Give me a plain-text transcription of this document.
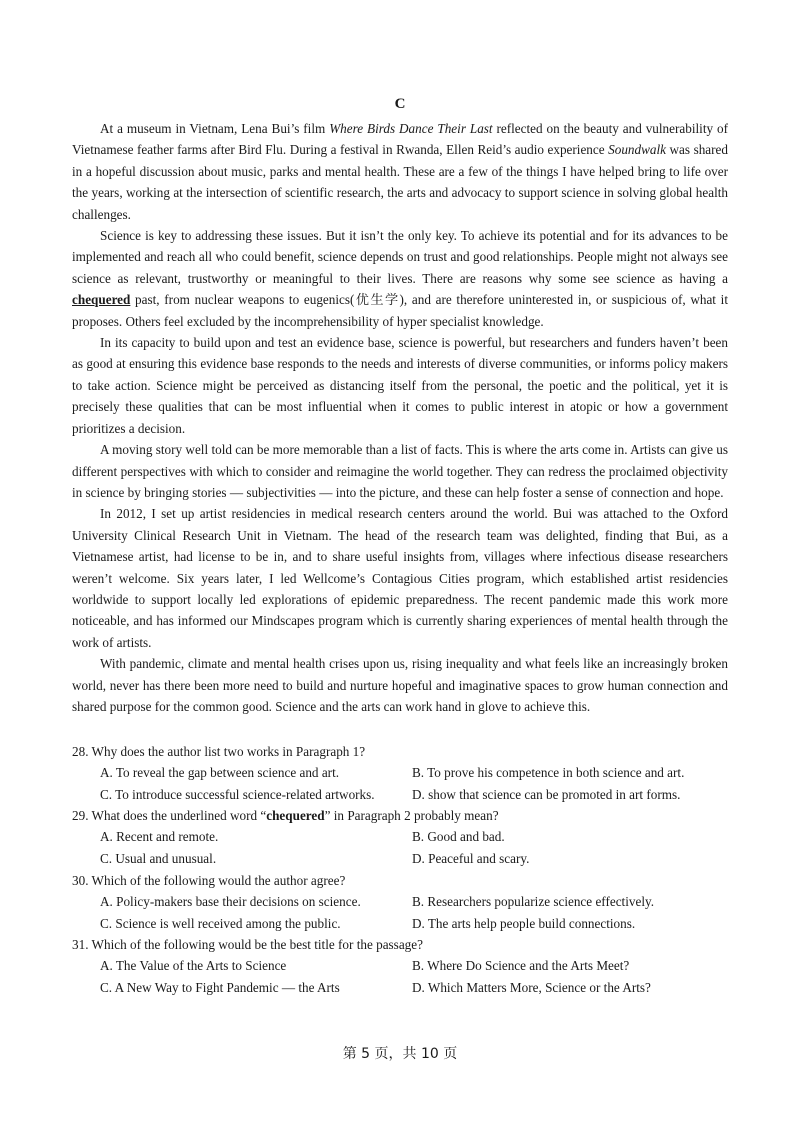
C

At a museum in Vietnam, Lena Bui’s film Where Birds Dance Their Last reflected on the beauty and vulnerability of Vietnamese feather farms after Bird Flu. During a festival in Rwanda, Ellen Reid’s audio experience Soundwalk was shared in a hopeful discussion about music, parks and mental health. These are a few of the things I have helped bring to life over the years, working at the intersection of scientific research, the arts and advocacy to support science in solving global health challenges.

Science is key to addressing these issues. But it isn’t the only key. To achieve its potential and for its advances to be implemented and reach all who could benefit, science depends on trust and good relationships. People might not always see science as relevant, trustworthy or meaningful to their lives. There are reasons why some see science as having a chequered past, from nuclear weapons to eugenics(优生学), and are therefore uninterested in, or suspicious of, what it proposes. Others feel excluded by the incomprehensibility of hyper specialist knowledge.

In its capacity to build upon and test an evidence base, science is powerful, but researchers and funders haven’t been as good at ensuring this evidence base responds to the needs and interests of diverse communities, or informs policy makers to take action. Science might be perceived as distancing itself from the personal, the poetic and the political, yet it is precisely these qualities that can be most influential when it comes to public interest in atopic or how a government prioritizes a decision.

A moving story well told can be more memorable than a list of facts. This is where the arts come in. Artists can give us different perspectives with which to consider and reimagine the world together. They can redress the proclaimed objectivity in science by bringing stories — subjectivities — into the picture, and these can help foster a sense of connection and hope.

In 2012, I set up artist residencies in medical research centers around the world. Bui was attached to the Oxford University Clinical Research Unit in Vietnam. The head of the research team was delighted, finding that Bui, as a Vietnamese artist, had license to be in, and to share useful insights from, villages where infectious disease researchers weren’t welcome. Six years later, I led Wellcome’s Contagious Cities program, which established artist residencies worldwide to support locally led explorations of epidemic preparedness. The recent pandemic made this work more noticeable, and has informed our Mindscapes program which is currently sharing experiences of mental health through the work of artists.

With pandemic, climate and mental health crises upon us, rising inequality and what feels like an increasingly broken world, never has there been more need to build and nurture hopeful and imaginative spaces to grow human connection and shared purpose for the common good. Science and the arts can work hand in glove to achieve this.

28. Why does the author list two works in Paragraph 1?

A. To reveal the gap between science and art.	B. To prove his competence in both science and art.
C. To introduce successful science-related artworks.	D. show that science can be promoted in art forms.

29. What does the underlined word “chequered” in Paragraph 2 probably mean?

A. Recent and remote.	B. Good and bad.
C. Usual and unusual.	D. Peaceful and scary.

30. Which of the following would the author agree?

A. Policy-makers base their decisions on science.	B. Researchers popularize science effectively.
C. Science is well received among the public.	D. The arts help people build connections.

31. Which of the following would be the best title for the passage?

A. The Value of the Arts to Science	B. Where Do Science and the Arts Meet?
C. A New Way to Fight Pandemic — the Arts	D. Which Matters More, Science or the Arts?
第 5 页，共 10 页
